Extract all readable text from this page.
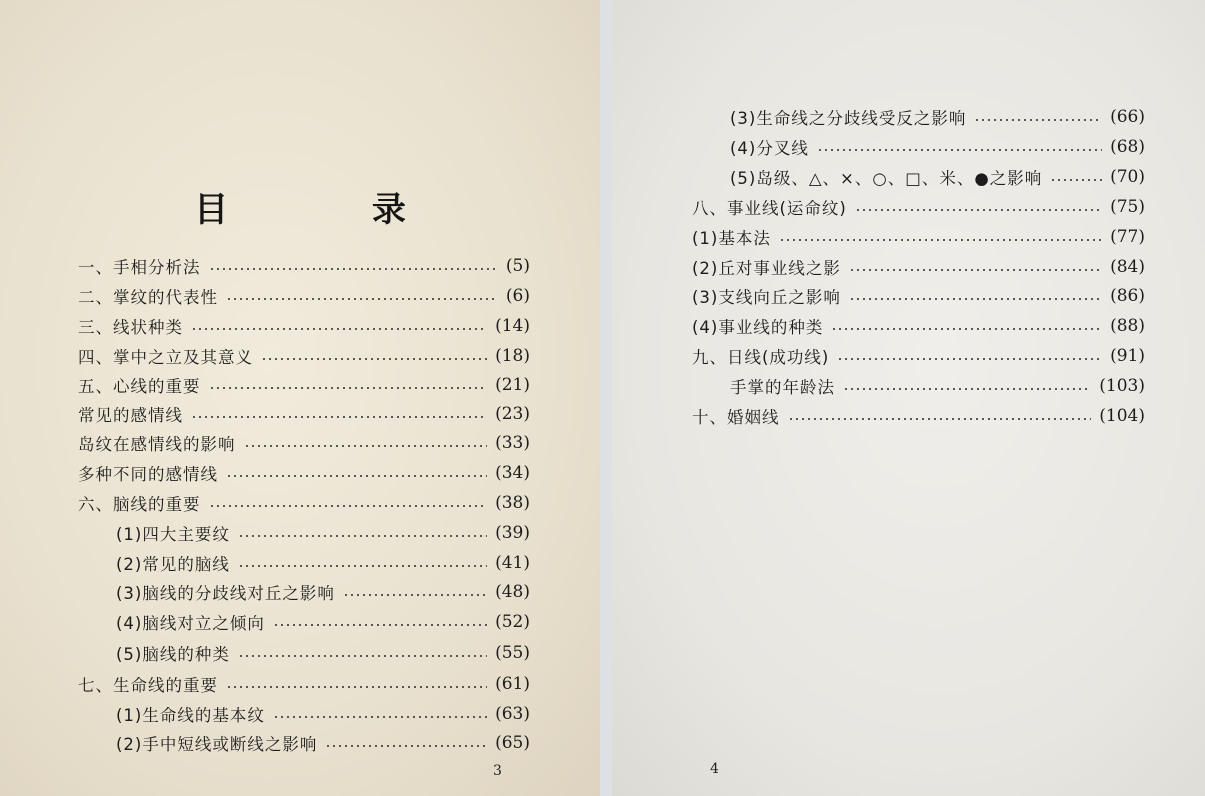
目 录
一、手相分析法	(5)
二、掌纹的代表性	(6)
三、线状种类	(14)
四、掌中之立及其意义	(18)
五、心线的重要	(21)
常见的感情线	(23)
岛纹在感情线的影响	(33)
多种不同的感情线	(34)
六、脑线的重要	(38)
(1)四大主要纹	(39)
(2)常见的脑线	(41)
(3)脑线的分歧线对丘之影响	(48)
(4)脑线对立之倾向	(52)
(5)脑线的种类	(55)
七、生命线的重要	(61)
(1)生命线的基本纹	(63)
(2)手中短线或断线之影响	(65)
3
(3)生命线之分歧线受反之影响	(66)
(4)分叉线	(68)
(5)岛级、△、×、○、□、米、●之影响	(70)
八、事业线(运命纹)	(75)
(1)基本法	(77)
(2)丘对事业线之影	(84)
(3)支线向丘之影响	(86)
(4)事业线的种类	(88)
九、日线(成功线)	(91)
手掌的年龄法	(103)
十、婚姻线	(104)
4
